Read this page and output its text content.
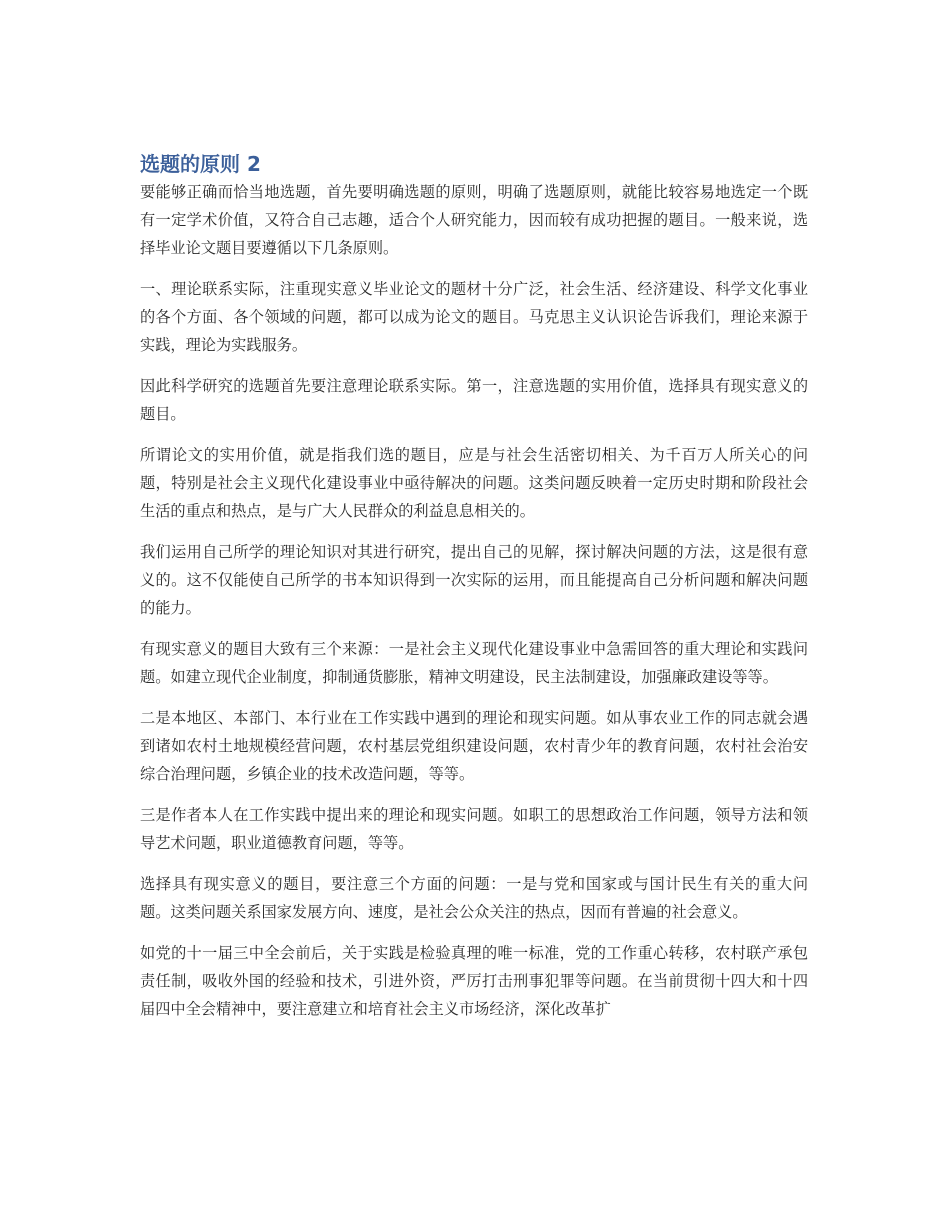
选题的原则 2

要能够正确而恰当地选题，首先要明确选题的原则，明确了选题原则，就能比较容易地选定一个既有一定学术价值，又符合自己志趣，适合个人研究能力，因而较有成功把握的题目。一般来说，选择毕业论文题目要遵循以下几条原则。

一、理论联系实际，注重现实意义毕业论文的题材十分广泛，社会生活、经济建设、科学文化事业的各个方面、各个领域的问题，都可以成为论文的题目。马克思主义认识论告诉我们，理论来源于实践，理论为实践服务。

因此科学研究的选题首先要注意理论联系实际。第一，注意选题的实用价值，选择具有现实意义的题目。

所谓论文的实用价值，就是指我们选的题目，应是与社会生活密切相关、为千百万人所关心的问题，特别是社会主义现代化建设事业中亟待解决的问题。这类问题反映着一定历史时期和阶段社会生活的重点和热点，是与广大人民群众的利益息息相关的。

我们运用自己所学的理论知识对其进行研究，提出自己的见解，探讨解决问题的方法，这是很有意义的。这不仅能使自己所学的书本知识得到一次实际的运用，而且能提高自己分析问题和解决问题的能力。

有现实意义的题目大致有三个来源：一是社会主义现代化建设事业中急需回答的重大理论和实践问题。如建立现代企业制度，抑制通货膨胀，精神文明建设，民主法制建设，加强廉政建设等等。

二是本地区、本部门、本行业在工作实践中遇到的理论和现实问题。如从事农业工作的同志就会遇到诸如农村土地规模经营问题，农村基层党组织建设问题，农村青少年的教育问题，农村社会治安综合治理问题，乡镇企业的技术改造问题，等等。

三是作者本人在工作实践中提出来的理论和现实问题。如职工的思想政治工作问题，领导方法和领导艺术问题，职业道德教育问题，等等。

选择具有现实意义的题目，要注意三个方面的问题：一是与党和国家或与国计民生有关的重大问题。这类问题关系国家发展方向、速度，是社会公众关注的热点，因而有普遍的社会意义。

如党的十一届三中全会前后，关于实践是检验真理的唯一标准，党的工作重心转移，农村联产承包责任制，吸收外国的经验和技术，引进外资，严厉打击刑事犯罪等问题。在当前贯彻十四大和十四届四中全会精神中，要注意建立和培育社会主义市场经济，深化改革扩
